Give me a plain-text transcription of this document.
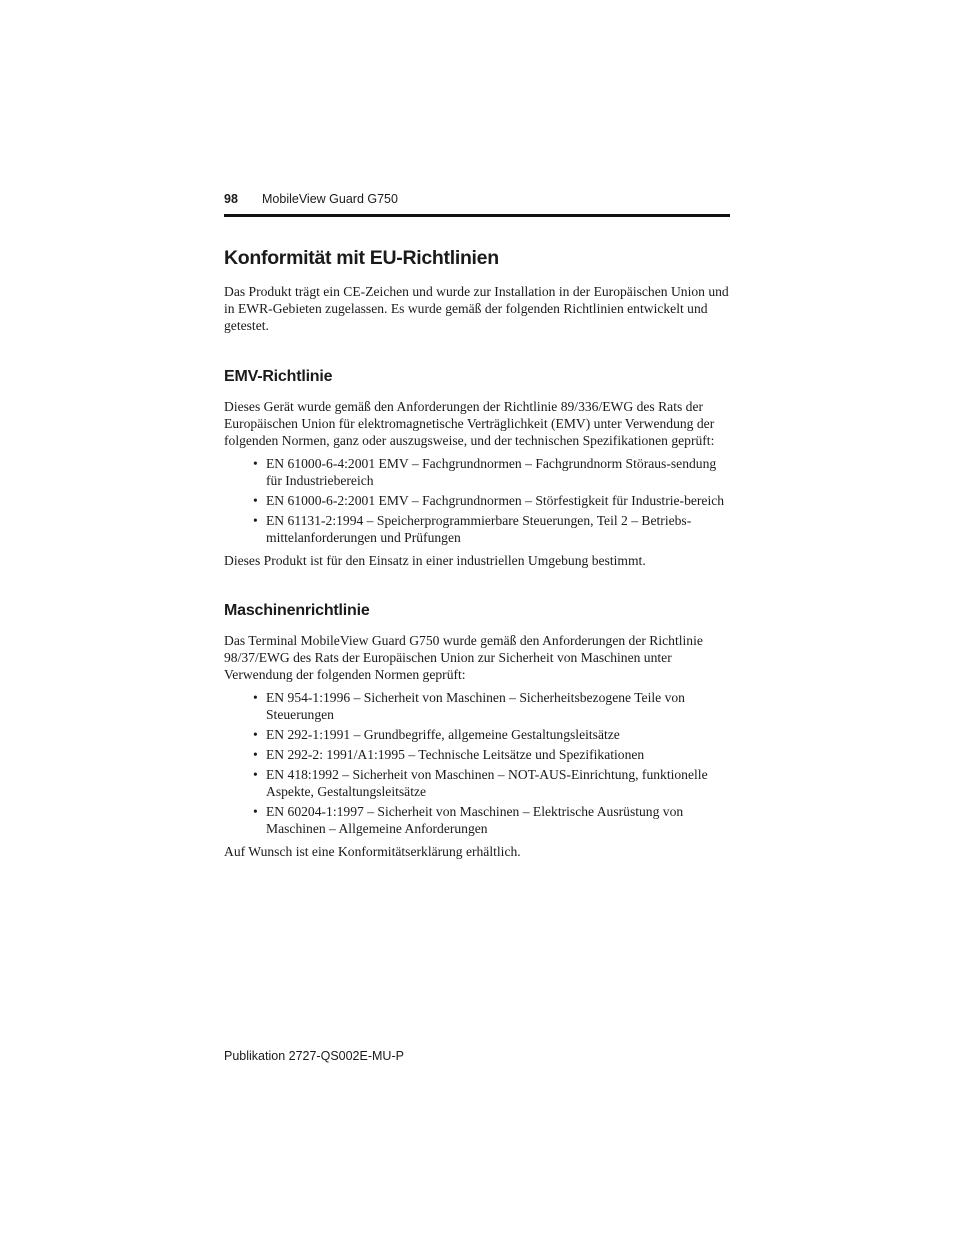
98 MobileView Guard G750
Konformität mit EU-Richtlinien

Das Produkt trägt ein CE-Zeichen und wurde zur Installation in der Europäischen Union und in EWR-Gebieten zugelassen. Es wurde gemäß der folgenden Richtlinien entwickelt und getestet.

EMV-Richtlinie

Dieses Gerät wurde gemäß den Anforderungen der Richtlinie 89/336/EWG des Rats der Europäischen Union für elektromagnetische Verträglichkeit (EMV) unter Verwendung der folgenden Normen, ganz oder auszugsweise, und der technischen Spezifikationen geprüft:

• EN 61000-6-4:2001 EMV – Fachgrundnormen – Fachgrundnorm Störaus-sendung für Industriebereich
• EN 61000-6-2:2001 EMV – Fachgrundnormen – Störfestigkeit für Industrie-bereich
• EN 61131-2:1994 – Speicherprogrammierbare Steuerungen, Teil 2 – Betriebs-mittelanforderungen und Prüfungen

Dieses Produkt ist für den Einsatz in einer industriellen Umgebung bestimmt.

Maschinenrichtlinie

Das Terminal MobileView Guard G750 wurde gemäß den Anforderungen der Richtlinie 98/37/EWG des Rats der Europäischen Union zur Sicherheit von Maschinen unter Verwendung der folgenden Normen geprüft:

• EN 954-1:1996 – Sicherheit von Maschinen – Sicherheitsbezogene Teile von Steuerungen
• EN 292-1:1991 – Grundbegriffe, allgemeine Gestaltungsleitsätze
• EN 292-2: 1991/A1:1995 – Technische Leitsätze und Spezifikationen
• EN 418:1992 – Sicherheit von Maschinen – NOT-AUS-Einrichtung, funktionelle Aspekte, Gestaltungsleitsätze
• EN 60204-1:1997 – Sicherheit von Maschinen – Elektrische Ausrüstung von Maschinen – Allgemeine Anforderungen

Auf Wunsch ist eine Konformitätserklärung erhältlich.

Publikation 2727-QS002E-MU-P
